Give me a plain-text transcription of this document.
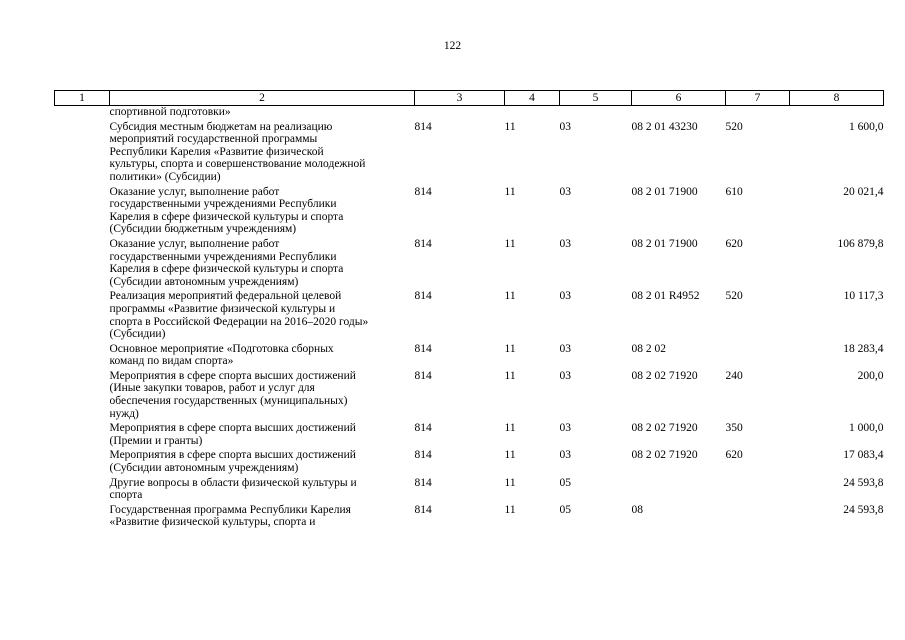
122
1	2	3	4	5	6	7	8
	спортивной подготовки»						
	Субсидия местным бюджетам на реализацию
мероприятий государственной программы
Республики Карелия «Развитие физической
культуры, спорта и совершенствование молодежной
политики» (Субсидии)	814	11	03	08 2 01 43230	520	1 600,0
	Оказание услуг, выполнение работ
государственными учреждениями Республики
Карелия в сфере физической культуры и спорта
(Субсидии бюджетным учреждениям)	814	11	03	08 2 01 71900	610	20 021,4
	Оказание услуг, выполнение работ
государственными учреждениями Республики
Карелия в сфере физической культуры и спорта
(Субсидии автономным учреждениям)	814	11	03	08 2 01 71900	620	106 879,8
	Реализация мероприятий федеральной целевой
программы «Развитие физической культуры и
спорта в Российской Федерации на 2016–2020 годы»
(Субсидии)	814	11	03	08 2 01 R4952	520	10 117,3
	Основное мероприятие «Подготовка сборных
команд по видам спорта»	814	11	03	08 2 02		18 283,4
	Мероприятия в сфере спорта высших достижений
(Иные закупки товаров, работ и услуг для
обеспечения государственных (муниципальных)
нужд)	814	11	03	08 2 02 71920	240	200,0
	Мероприятия в сфере спорта высших достижений
(Премии и гранты)	814	11	03	08 2 02 71920	350	1 000,0
	Мероприятия в сфере спорта высших достижений
(Субсидии автономным учреждениям)	814	11	03	08 2 02 71920	620	17 083,4
	Другие вопросы в области физической культуры и
спорта	814	11	05			24 593,8
	Государственная программа Республики Карелия
«Развитие физической культуры, спорта и	814	11	05	08		24 593,8
